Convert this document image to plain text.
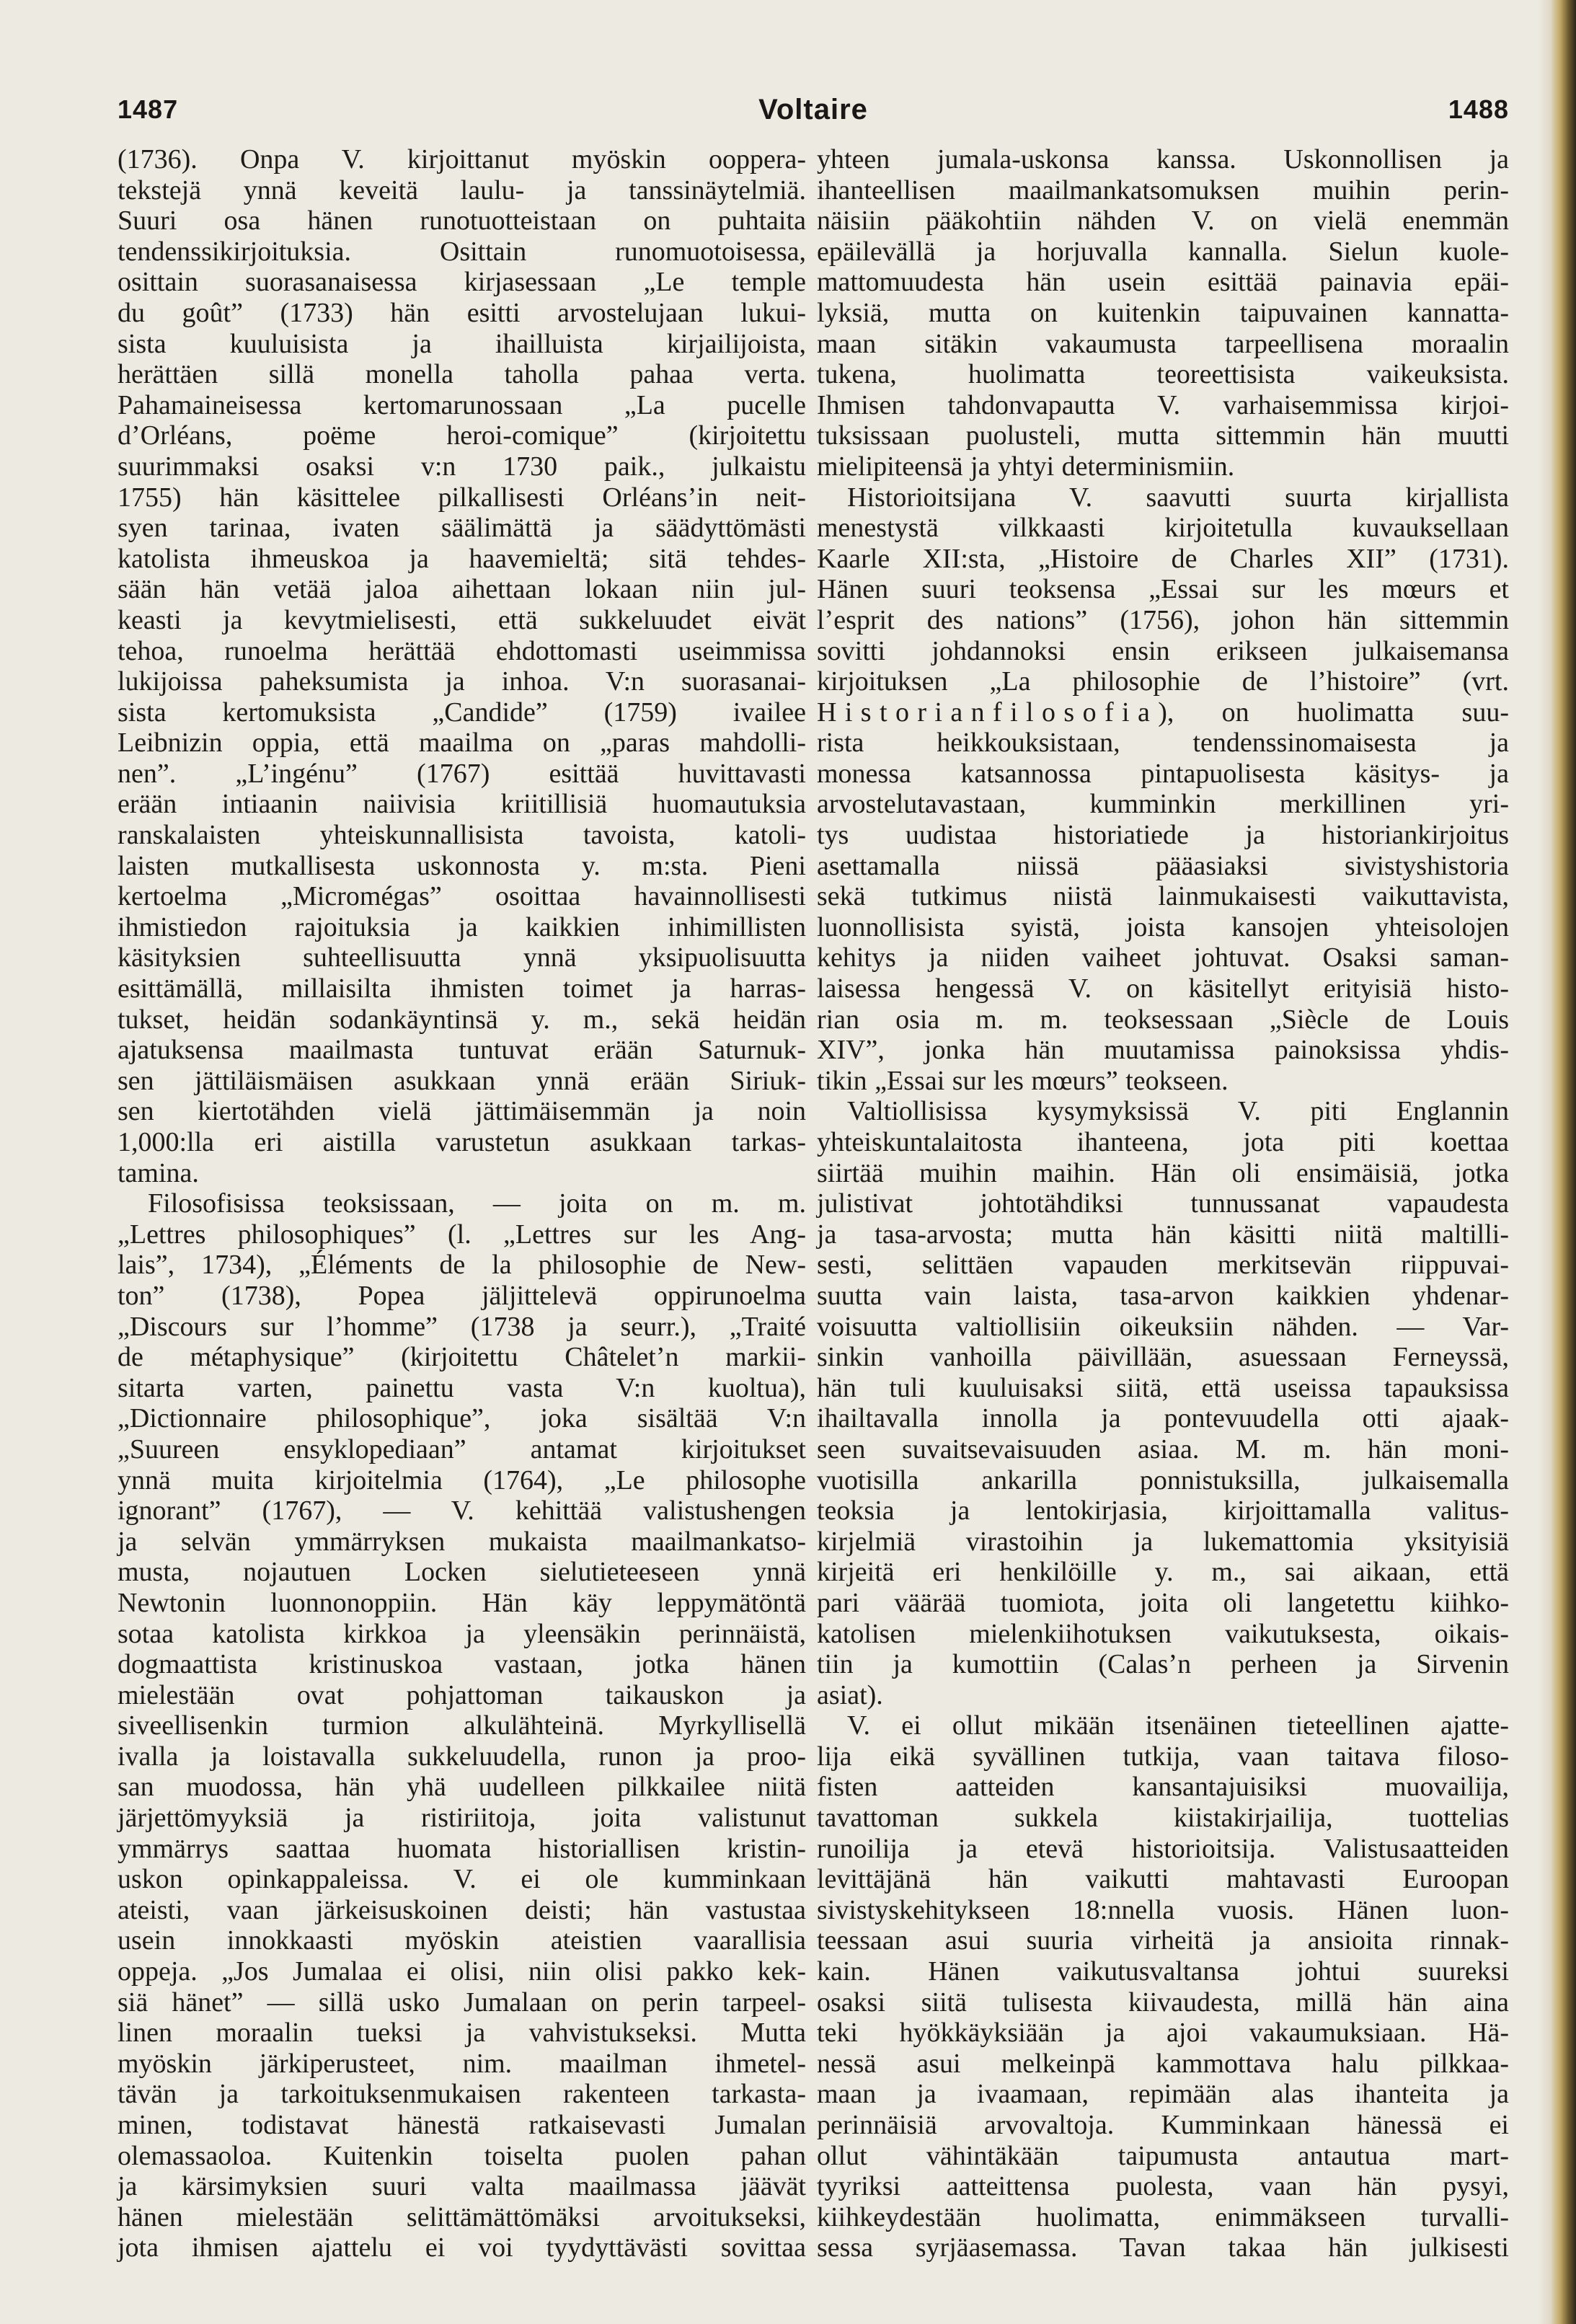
1487	Voltaire	1488
(1736). Onpa V. kirjoittanut myöskin ooppera-
tekstejä ynnä keveitä laulu- ja tanssinäytelmiä.
Suuri osa hänen runotuotteistaan on puhtaita
tendenssikirjoituksia. Osittain runomuotoisessa,
osittain suorasanaisessa kirjasessaan „Le temple
du goût” (1733) hän esitti arvostelujaan lukui-
sista kuuluisista ja ihailluista kirjailijoista,
herättäen sillä monella taholla pahaa verta.
Pahamaineisessa kertomarunossaan „La pucelle
d’Orléans, poëme heroi-comique” (kirjoitettu
suurimmaksi osaksi v:n 1730 paik., julkaistu
1755) hän käsittelee pilkallisesti Orléans’in neit-
syen tarinaa, ivaten säälimättä ja säädyttömästi
katolista ihmeuskoa ja haavemieltä; sitä tehdes-
sään hän vetää jaloa aihettaan lokaan niin jul-
keasti ja kevytmielisesti, että sukkeluudet eivät
tehoa, runoelma herättää ehdottomasti useimmissa
lukijoissa paheksumista ja inhoa. V:n suorasanai-
sista kertomuksista „Candide” (1759) ivailee
Leibnizin oppia, että maailma on „paras mahdolli-
nen”. „L’ingénu” (1767) esittää huvittavasti
erään intiaanin naiivisia kriitillisiä huomautuksia
ranskalaisten yhteiskunnallisista tavoista, katoli-
laisten mutkallisesta uskonnosta y. m:sta. Pieni
kertoelma „Micromégas” osoittaa havainnollisesti
ihmistiedon rajoituksia ja kaikkien inhimillisten
käsityksien suhteellisuutta ynnä yksipuolisuutta
esittämällä, millaisilta ihmisten toimet ja harras-
tukset, heidän sodankäyntinsä y. m., sekä heidän
ajatuksensa maailmasta tuntuvat erään Saturnuk-
sen jättiläismäisen asukkaan ynnä erään Siriuk-
sen kiertotähden vielä jättimäisemmän ja noin
1,000:lla eri aistilla varustetun asukkaan tarkas-
tamina.
Filosofisissa teoksissaan, — joita on m. m.
„Lettres philosophiques” (l. „Lettres sur les Ang-
lais”, 1734), „Éléments de la philosophie de New-
ton” (1738), Popea jäljittelevä oppirunoelma
„Discours sur l’homme” (1738 ja seurr.), „Traité
de métaphysique” (kirjoitettu Châtelet’n markii-
sitarta varten, painettu vasta V:n kuoltua),
„Dictionnaire philosophique”, joka sisältää V:n
„Suureen ensyklopediaan” antamat kirjoitukset
ynnä muita kirjoitelmia (1764), „Le philosophe
ignorant” (1767), — V. kehittää valistushengen
ja selvän ymmärryksen mukaista maailmankatso-
musta, nojautuen Locken sielutieteeseen ynnä
Newtonin luonnonoppiin. Hän käy leppymätöntä
sotaa katolista kirkkoa ja yleensäkin perinnäistä,
dogmaattista kristinuskoa vastaan, jotka hänen
mielestään ovat pohjattoman taikauskon ja
siveellisenkin turmion alkulähteinä. Myrkyllisellä
ivalla ja loistavalla sukkeluudella, runon ja proo-
san muodossa, hän yhä uudelleen pilkkailee niitä
järjettömyyksiä ja ristiriitoja, joita valistunut
ymmärrys saattaa huomata historiallisen kristin-
uskon opinkappaleissa. V. ei ole kumminkaan
ateisti, vaan järkeisuskoinen deisti; hän vastustaa
usein innokkaasti myöskin ateistien vaarallisia
oppeja. „Jos Jumalaa ei olisi, niin olisi pakko kek-
siä hänet” — sillä usko Jumalaan on perin tarpeel-
linen moraalin tueksi ja vahvistukseksi. Mutta
myöskin järkiperusteet, nim. maailman ihmetel-
tävän ja tarkoituksenmukaisen rakenteen tarkasta-
minen, todistavat hänestä ratkaisevasti Jumalan
olemassaoloa. Kuitenkin toiselta puolen pahan
ja kärsimyksien suuri valta maailmassa jäävät
hänen mielestään selittämättömäksi arvoitukseksi,
jota ihmisen ajattelu ei voi tyydyttävästi sovittaa
yhteen jumala-uskonsa kanssa. Uskonnollisen ja
ihanteellisen maailmankatsomuksen muihin perin-
näisiin pääkohtiin nähden V. on vielä enemmän
epäilevällä ja horjuvalla kannalla. Sielun kuole-
mattomuudesta hän usein esittää painavia epäi-
lyksiä, mutta on kuitenkin taipuvainen kannatta-
maan sitäkin vakaumusta tarpeellisena moraalin
tukena, huolimatta teoreettisista vaikeuksista.
Ihmisen tahdonvapautta V. varhaisemmissa kirjoi-
tuksissaan puolusteli, mutta sittemmin hän muutti
mielipiteensä ja yhtyi determinismiin.
Historioitsijana V. saavutti suurta kirjallista
menestystä vilkkaasti kirjoitetulla kuvauksellaan
Kaarle XII:sta, „Histoire de Charles XII” (1731).
Hänen suuri teoksensa „Essai sur les mœurs et
l’esprit des nations” (1756), johon hän sittemmin
sovitti johdannoksi ensin erikseen julkaisemansa
kirjoituksen „La philosophie de l’histoire” (vrt.
Historianfilosofia), on huolimatta suu-
rista heikkouksistaan, tendenssinomaisesta ja
monessa katsannossa pintapuolisesta käsitys- ja
arvostelutavastaan, kumminkin merkillinen yri-
tys uudistaa historiatiede ja historiankirjoitus
asettamalla niissä pääasiaksi sivistyshistoria
sekä tutkimus niistä lainmukaisesti vaikuttavista,
luonnollisista syistä, joista kansojen yhteisolojen
kehitys ja niiden vaiheet johtuvat. Osaksi saman-
laisessa hengessä V. on käsitellyt erityisiä histo-
rian osia m. m. teoksessaan „Siècle de Louis
XIV”, jonka hän muutamissa painoksissa yhdis-
tikin „Essai sur les mœurs” teokseen.
Valtiollisissa kysymyksissä V. piti Englannin
yhteiskuntalaitosta ihanteena, jota piti koettaa
siirtää muihin maihin. Hän oli ensimäisiä, jotka
julistivat johtotähdiksi tunnussanat vapaudesta
ja tasa-arvosta; mutta hän käsitti niitä maltilli-
sesti, selittäen vapauden merkitsevän riippuvai-
suutta vain laista, tasa-arvon kaikkien yhdenar-
voisuutta valtiollisiin oikeuksiin nähden. — Var-
sinkin vanhoilla päivillään, asuessaan Ferneyssä,
hän tuli kuuluisaksi siitä, että useissa tapauksissa
ihailtavalla innolla ja pontevuudella otti ajaak-
seen suvaitsevaisuuden asiaa. M. m. hän moni-
vuotisilla ankarilla ponnistuksilla, julkaisemalla
teoksia ja lentokirjasia, kirjoittamalla valitus-
kirjelmiä virastoihin ja lukemattomia yksityisiä
kirjeitä eri henkilöille y. m., sai aikaan, että
pari väärää tuomiota, joita oli langetettu kiihko-
katolisen mielenkiihotuksen vaikutuksesta, oikais-
tiin ja kumottiin (Calas’n perheen ja Sirvenin
asiat).
V. ei ollut mikään itsenäinen tieteellinen ajatte-
lija eikä syvällinen tutkija, vaan taitava filoso-
fisten aatteiden kansantajuisiksi muovailija,
tavattoman sukkela kiistakirjailija, tuottelias
runoilija ja etevä historioitsija. Valistusaatteiden
levittäjänä hän vaikutti mahtavasti Euroopan
sivistyskehitykseen 18:nnella vuosis. Hänen luon-
teessaan asui suuria virheitä ja ansioita rinnak-
kain. Hänen vaikutusvaltansa johtui suureksi
osaksi siitä tulisesta kiivaudesta, millä hän aina
teki hyökkäyksiään ja ajoi vakaumuksiaan. Hä-
nessä asui melkeinpä kammottava halu pilkkaa-
maan ja ivaamaan, repimään alas ihanteita ja
perinnäisiä arvovaltoja. Kumminkaan hänessä ei
ollut vähintäkään taipumusta antautua mart-
tyyriksi aatteittensa puolesta, vaan hän pysyi,
kiihkeydestään huolimatta, enimmäkseen turvalli-
sessa syrjäasemassa. Tavan takaa hän julkisesti
